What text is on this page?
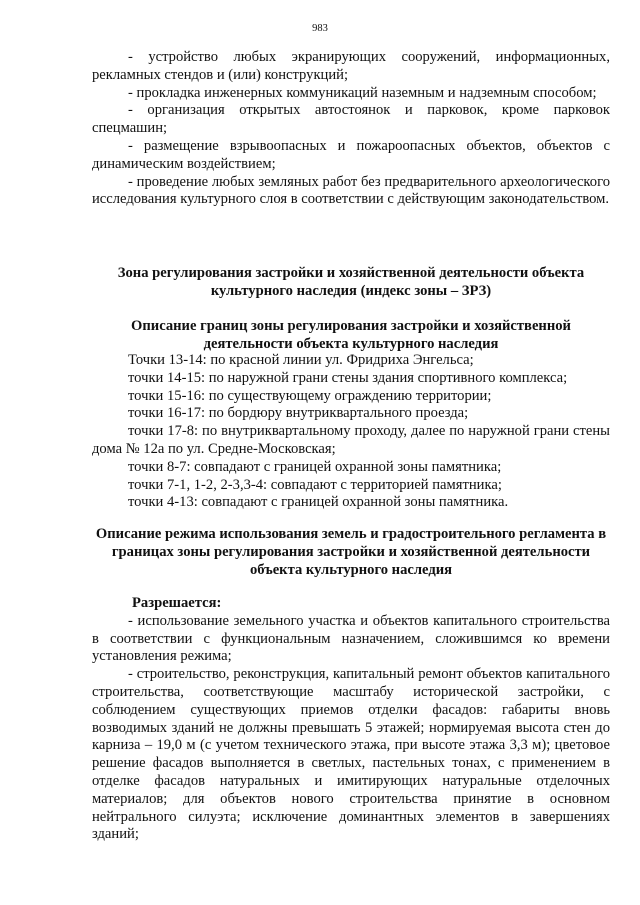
983

- устройство любых экранирующих сооружений, информационных, рекламных стендов и (или) конструкций;

- прокладка инженерных коммуникаций наземным и надземным способом;

- организация открытых автостоянок и парковок, кроме парковок спецмашин;

- размещение взрывоопасных и пожароопасных объектов, объектов с динамическим воздействием;

- проведение любых земляных работ без предварительного археологического исследования культурного слоя в соответствии с действующим законодательством.

Зона регулирования застройки и хозяйственной деятельности объекта культурного наследия (индекс зоны – ЗРЗ)
Описание границ зоны регулирования застройки и хозяйственной деятельности объекта культурного наследия

Точки 13-14: по красной линии ул. Фридриха Энгельса;

точки 14-15: по наружной грани стены здания спортивного комплекса;

точки 15-16: по существующему ограждению территории;

точки 16-17: по бордюру внутриквартального проезда;

точки 17-8: по внутриквартальному проходу, далее по наружной грани стены дома № 12а по ул. Средне-Московская;

точки 8-7: совпадают с границей охранной зоны памятника;

точки 7-1, 1-2, 2-3,3-4: совпадают с территорией памятника;

точки 4-13: совпадают с границей охранной зоны памятника.

Описание режима использования земель и градостроительного регламента в границах зоны регулирования застройки и хозяйственной деятельности объекта культурного наследия

Разрешается:

- использование земельного участка и объектов капитального строительства в соответствии с функциональным назначением, сложившимся ко времени установления режима;

- строительство, реконструкция, капитальный ремонт объектов капитального строительства, соответствующие масштабу исторической застройки, с соблюдением существующих приемов отделки фасадов: габариты вновь возводимых зданий не должны превышать 5 этажей; нормируемая высота стен до карниза – 19,0 м (с учетом технического этажа, при высоте этажа 3,3 м); цветовое решение фасадов выполняется в светлых, пастельных тонах, с применением в отделке фасадов натуральных и имитирующих натуральные отделочных материалов; для объектов нового строительства принятие в основном нейтрального силуэта; исключение доминантных элементов в завершениях зданий;
